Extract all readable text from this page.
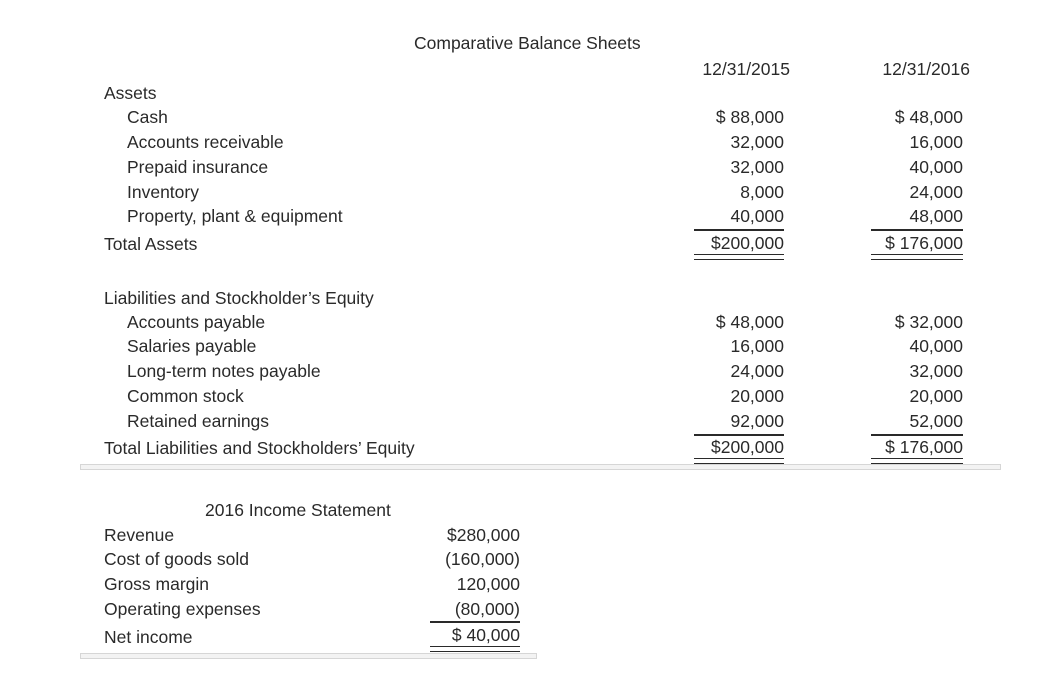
Comparative Balance Sheets
12/31/2015	12/31/2016
Assets
Cash	$ 88,000	$ 48,000
Accounts receivable	32,000	16,000
Prepaid insurance	32,000	40,000
Inventory	8,000	24,000
Property, plant & equipment	40,000	48,000
Total Assets	$200,000	$ 176,000
Liabilities and Stockholder’s Equity
Accounts payable	$ 48,000	$ 32,000
Salaries payable	16,000	40,000
Long-term notes payable	24,000	32,000
Common stock	20,000	20,000
Retained earnings	92,000	52,000
Total Liabilities and Stockholders’ Equity	$200,000	$ 176,000
2016 Income Statement
Revenue	$280,000
Cost of goods sold	(160,000)
Gross margin	120,000
Operating expenses	(80,000)
Net income	$ 40,000
